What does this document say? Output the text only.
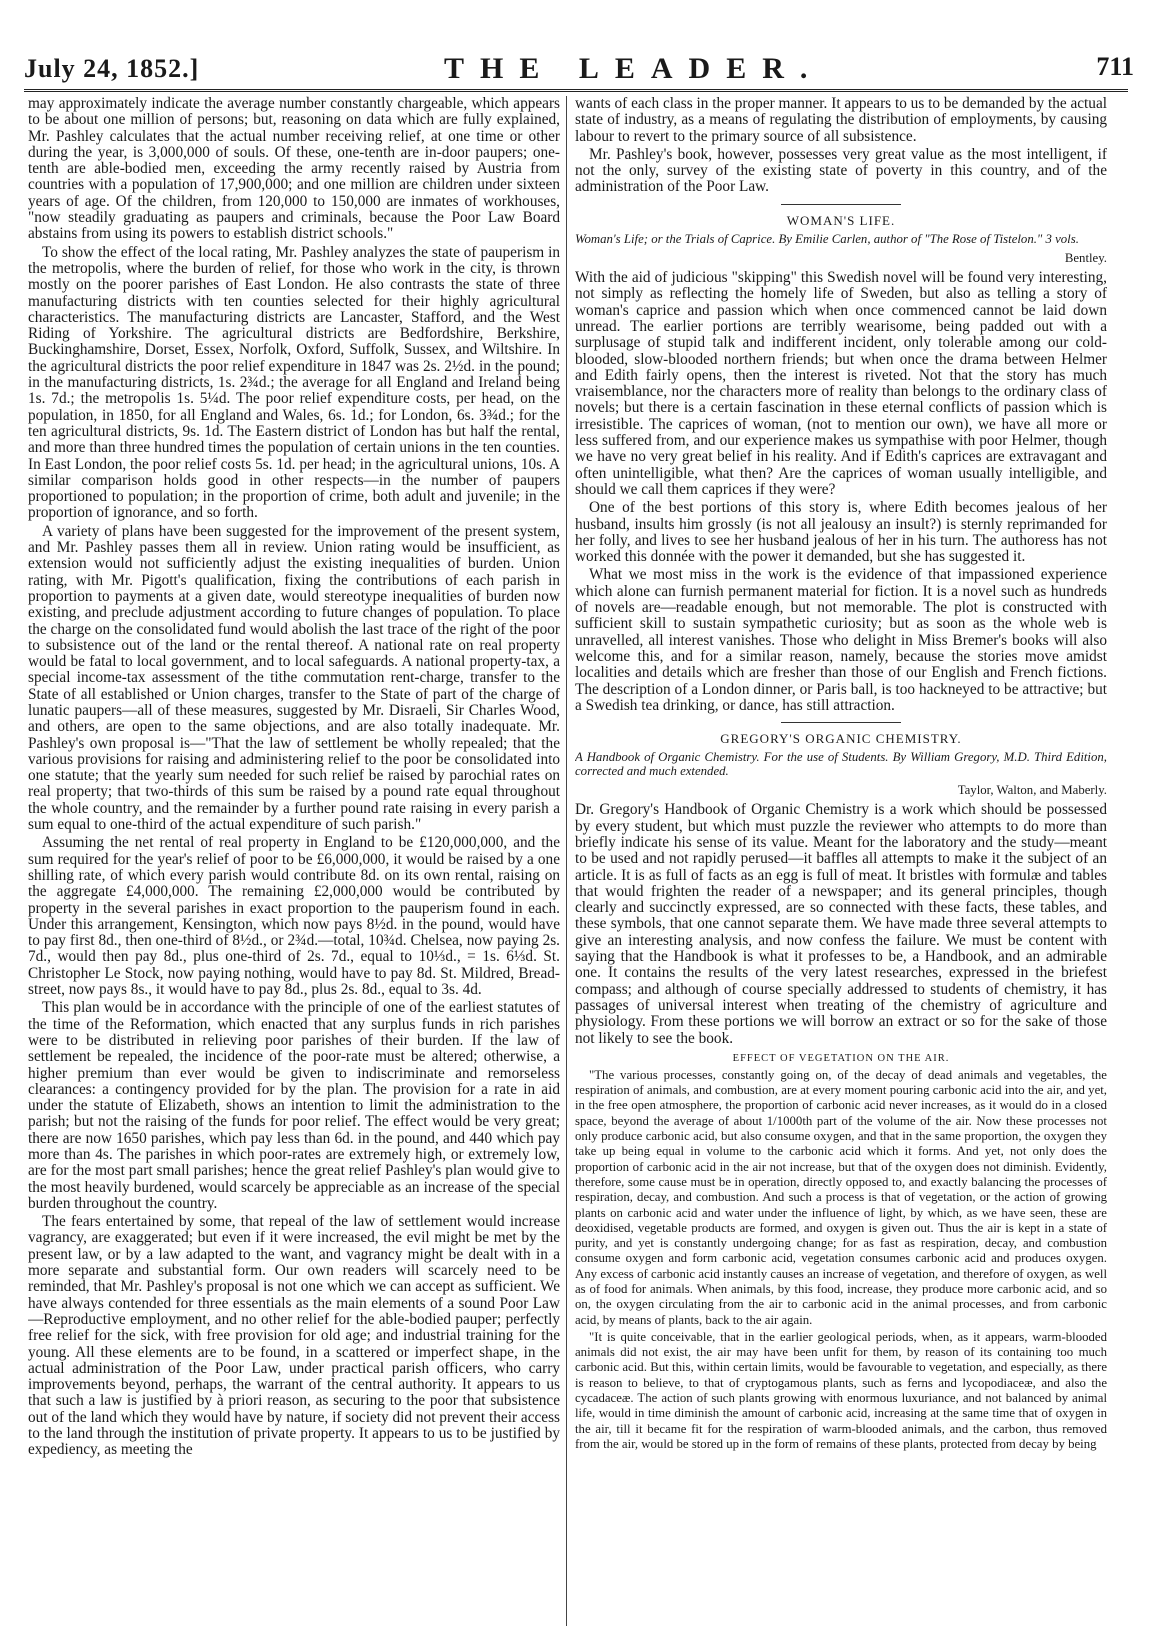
July 24, 1852.]	THE LEADER.	711

may approximately indicate the average number constantly chargeable, which appears to be about one million of persons; but, reasoning on data which are fully explained, Mr. Pashley calculates that the actual number receiving relief, at one time or other during the year, is 3,000,000 of souls. Of these, one-tenth are in-door paupers; one-tenth are able-bodied men, exceeding the army recently raised by Austria from countries with a population of 17,900,000; and one million are children under sixteen years of age. Of the children, from 120,000 to 150,000 are inmates of workhouses, "now steadily graduating as paupers and criminals, because the Poor Law Board abstains from using its powers to establish district schools."

To show the effect of the local rating, Mr. Pashley analyzes the state of pauperism in the metropolis, where the burden of relief, for those who work in the city, is thrown mostly on the poorer parishes of East London. He also contrasts the state of three manufacturing districts with ten counties selected for their highly agricultural characteristics. The manufacturing districts are Lancaster, Stafford, and the West Riding of Yorkshire. The agricultural districts are Bedfordshire, Berkshire, Buckinghamshire, Dorset, Essex, Norfolk, Oxford, Suffolk, Sussex, and Wiltshire. In the agricultural districts the poor relief expenditure in 1847 was 2s. 2½d. in the pound; in the manufacturing districts, 1s. 2¾d.; the average for all England and Ireland being 1s. 7d.; the metropolis 1s. 5¼d. The poor relief expenditure costs, per head, on the population, in 1850, for all England and Wales, 6s. 1d.; for London, 6s. 3¾d.; for the ten agricultural districts, 9s. 1d. The Eastern district of London has but half the rental, and more than three hundred times the population of certain unions in the ten counties. In East London, the poor relief costs 5s. 1d. per head; in the agricultural unions, 10s. A similar comparison holds good in other respects—in the number of paupers proportioned to population; in the proportion of crime, both adult and juvenile; in the proportion of ignorance, and so forth.

A variety of plans have been suggested for the improvement of the present system, and Mr. Pashley passes them all in review. Union rating would be insufficient, as extension would not sufficiently adjust the existing inequalities of burden. Union rating, with Mr. Pigott's qualification, fixing the contributions of each parish in proportion to payments at a given date, would stereotype inequalities of burden now existing, and preclude adjustment according to future changes of population. To place the charge on the consolidated fund would abolish the last trace of the right of the poor to subsistence out of the land or the rental thereof. A national rate on real property would be fatal to local government, and to local safeguards. A national property-tax, a special income-tax assessment of the tithe commutation rent-charge, transfer to the State of all established or Union charges, transfer to the State of part of the charge of lunatic paupers—all of these measures, suggested by Mr. Disraeli, Sir Charles Wood, and others, are open to the same objections, and are also totally inadequate. Mr. Pashley's own proposal is—"That the law of settlement be wholly repealed; that the various provisions for raising and administering relief to the poor be consolidated into one statute; that the yearly sum needed for such relief be raised by parochial rates on real property; that two-thirds of this sum be raised by a pound rate equal throughout the whole country, and the remainder by a further pound rate raising in every parish a sum equal to one-third of the actual expenditure of such parish."

Assuming the net rental of real property in England to be £120,000,000, and the sum required for the year's relief of poor to be £6,000,000, it would be raised by a one shilling rate, of which every parish would contribute 8d. on its own rental, raising on the aggregate £4,000,000. The remaining £2,000,000 would be contributed by property in the several parishes in exact proportion to the pauperism found in each. Under this arrangement, Kensington, which now pays 8½d. in the pound, would have to pay first 8d., then one-third of 8½d., or 2¾d.—total, 10¾d. Chelsea, now paying 2s. 7d., would then pay 8d., plus one-third of 2s. 7d., equal to 10⅓d., = 1s. 6⅓d. St. Christopher Le Stock, now paying nothing, would have to pay 8d. St. Mildred, Bread-street, now pays 8s., it would have to pay 8d., plus 2s. 8d., equal to 3s. 4d.

This plan would be in accordance with the principle of one of the earliest statutes of the time of the Reformation, which enacted that any surplus funds in rich parishes were to be distributed in relieving poor parishes of their burden. If the law of settlement be repealed, the incidence of the poor-rate must be altered; otherwise, a higher premium than ever would be given to indiscriminate and remorseless clearances: a contingency provided for by the plan. The provision for a rate in aid under the statute of Elizabeth, shows an intention to limit the administration to the parish; but not the raising of the funds for poor relief. The effect would be very great; there are now 1650 parishes, which pay less than 6d. in the pound, and 440 which pay more than 4s. The parishes in which poor-rates are extremely high, or extremely low, are for the most part small parishes; hence the great relief Pashley's plan would give to the most heavily burdened, would scarcely be appreciable as an increase of the special burden throughout the country.

The fears entertained by some, that repeal of the law of settlement would increase vagrancy, are exaggerated; but even if it were increased, the evil might be met by the present law, or by a law adapted to the want, and vagrancy might be dealt with in a more separate and substantial form. Our own readers will scarcely need to be reminded, that Mr. Pashley's proposal is not one which we can accept as sufficient. We have always contended for three essentials as the main elements of a sound Poor Law—Reproductive employment, and no other relief for the able-bodied pauper; perfectly free relief for the sick, with free provision for old age; and industrial training for the young. All these elements are to be found, in a scattered or imperfect shape, in the actual administration of the Poor Law, under practical parish officers, who carry improvements beyond, perhaps, the warrant of the central authority. It appears to us that such a law is justified by à priori reason, as securing to the poor that subsistence out of the land which they would have by nature, if society did not prevent their access to the land through the institution of private property. It appears to us to be justified by expediency, as meeting the

wants of each class in the proper manner. It appears to us to be demanded by the actual state of industry, as a means of regulating the distribution of employments, by causing labour to revert to the primary source of all subsistence.

Mr. Pashley's book, however, possesses very great value as the most intelligent, if not the only, survey of the existing state of poverty in this country, and of the administration of the Poor Law.

WOMAN'S LIFE.

Woman's Life; or the Trials of Caprice. By Emilie Carlen, author of "The Rose of Tistelon." 3 vols.

Bentley.

With the aid of judicious "skipping" this Swedish novel will be found very interesting, not simply as reflecting the homely life of Sweden, but also as telling a story of woman's caprice and passion which when once commenced cannot be laid down unread. The earlier portions are terribly wearisome, being padded out with a surplusage of stupid talk and indifferent incident, only tolerable among our cold-blooded, slow-blooded northern friends; but when once the drama between Helmer and Edith fairly opens, then the interest is riveted. Not that the story has much vraisemblance, nor the characters more of reality than belongs to the ordinary class of novels; but there is a certain fascination in these eternal conflicts of passion which is irresistible. The caprices of woman, (not to mention our own), we have all more or less suffered from, and our experience makes us sympathise with poor Helmer, though we have no very great belief in his reality. And if Edith's caprices are extravagant and often unintelligible, what then? Are the caprices of woman usually intelligible, and should we call them caprices if they were?

One of the best portions of this story is, where Edith becomes jealous of her husband, insults him grossly (is not all jealousy an insult?) is sternly reprimanded for her folly, and lives to see her husband jealous of her in his turn. The authoress has not worked this donnée with the power it demanded, but she has suggested it.

What we most miss in the work is the evidence of that impassioned experience which alone can furnish permanent material for fiction. It is a novel such as hundreds of novels are—readable enough, but not memorable. The plot is constructed with sufficient skill to sustain sympathetic curiosity; but as soon as the whole web is unravelled, all interest vanishes. Those who delight in Miss Bremer's books will also welcome this, and for a similar reason, namely, because the stories move amidst localities and details which are fresher than those of our English and French fictions. The description of a London dinner, or Paris ball, is too hackneyed to be attractive; but a Swedish tea drinking, or dance, has still attraction.

GREGORY'S ORGANIC CHEMISTRY.

A Handbook of Organic Chemistry. For the use of Students. By William Gregory, M.D. Third Edition, corrected and much extended.

Taylor, Walton, and Maberly.

Dr. Gregory's Handbook of Organic Chemistry is a work which should be possessed by every student, but which must puzzle the reviewer who attempts to do more than briefly indicate his sense of its value. Meant for the laboratory and the study—meant to be used and not rapidly perused—it baffles all attempts to make it the subject of an article. It is as full of facts as an egg is full of meat. It bristles with formulæ and tables that would frighten the reader of a newspaper; and its general principles, though clearly and succinctly expressed, are so connected with these facts, these tables, and these symbols, that one cannot separate them. We have made three several attempts to give an interesting analysis, and now confess the failure. We must be content with saying that the Handbook is what it professes to be, a Handbook, and an admirable one. It contains the results of the very latest researches, expressed in the briefest compass; and although of course specially addressed to students of chemistry, it has passages of universal interest when treating of the chemistry of agriculture and physiology. From these portions we will borrow an extract or so for the sake of those not likely to see the book.

EFFECT OF VEGETATION ON THE AIR.

"The various processes, constantly going on, of the decay of dead animals and vegetables, the respiration of animals, and combustion, are at every moment pouring carbonic acid into the air, and yet, in the free open atmosphere, the proportion of carbonic acid never increases, as it would do in a closed space, beyond the average of about 1/1000th part of the volume of the air. Now these processes not only produce carbonic acid, but also consume oxygen, and that in the same proportion, the oxygen they take up being equal in volume to the carbonic acid which it forms. And yet, not only does the proportion of carbonic acid in the air not increase, but that of the oxygen does not diminish. Evidently, therefore, some cause must be in operation, directly opposed to, and exactly balancing the processes of respiration, decay, and combustion. And such a process is that of vegetation, or the action of growing plants on carbonic acid and water under the influence of light, by which, as we have seen, these are deoxidised, vegetable products are formed, and oxygen is given out. Thus the air is kept in a state of purity, and yet is constantly undergoing change; for as fast as respiration, decay, and combustion consume oxygen and form carbonic acid, vegetation consumes carbonic acid and produces oxygen. Any excess of carbonic acid instantly causes an increase of vegetation, and therefore of oxygen, as well as of food for animals. When animals, by this food, increase, they produce more carbonic acid, and so on, the oxygen circulating from the air to carbonic acid in the animal processes, and from carbonic acid, by means of plants, back to the air again.

"It is quite conceivable, that in the earlier geological periods, when, as it appears, warm-blooded animals did not exist, the air may have been unfit for them, by reason of its containing too much carbonic acid. But this, within certain limits, would be favourable to vegetation, and especially, as there is reason to believe, to that of cryptogamous plants, such as ferns and lycopodiaceæ, and also the cycadaceæ. The action of such plants growing with enormous luxuriance, and not balanced by animal life, would in time diminish the amount of carbonic acid, increasing at the same time that of oxygen in the air, till it became fit for the respiration of warm-blooded animals, and the carbon, thus removed from the air, would be stored up in the form of remains of these plants, protected from decay by being
